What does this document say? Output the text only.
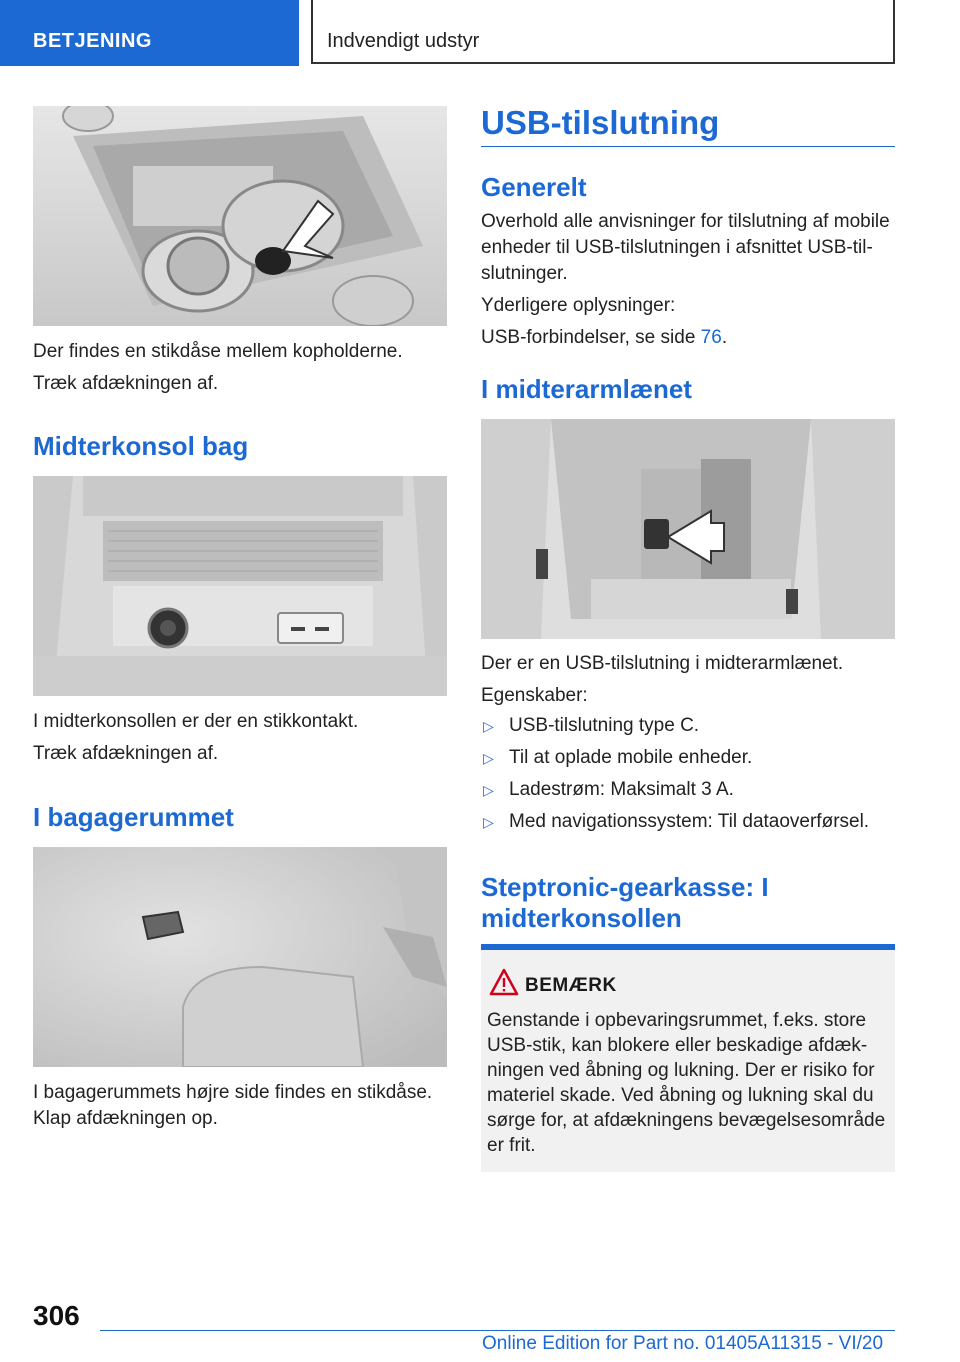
BETJENING	Indvendigt udstyr

Der findes en stikdåse mellem kopholderne.

Træk afdækningen af.

Midterkonsol bag

I midterkonsollen er der en stikkontakt.

Træk afdækningen af.

I bagagerummet

I bagagerummets højre side findes en stikdåse. Klap afdækningen op.

USB-tilslutning
Generelt

Overhold alle anvisninger for tilslutning af mobile enheder til USB-tilslutningen i afsnittet USB-tilslutninger.

Yderligere oplysninger:

USB-forbindelser, se side 76.

I midterarmlænet

Der er en USB-tilslutning i midterarmlænet.

Egenskaber:

▷ USB-tilslutning type C.
▷ Til at oplade mobile enheder.
▷ Ladestrøm: Maksimalt 3 A.
▷ Med navigationssystem: Til dataoverførsel.
Steptronic-gearkasse: I midterkonsollen
BEMÆRK
Genstande i opbevaringsrummet, f.eks. store USB-stik, kan blokere eller beskadige afdækningen ved åbning og lukning. Der er risiko for materiel skade. Ved åbning og lukning skal du sørge for, at afdækningens bevægelsesområde er frit.
306
Online Edition for Part no. 01405A11315 - VI/20
